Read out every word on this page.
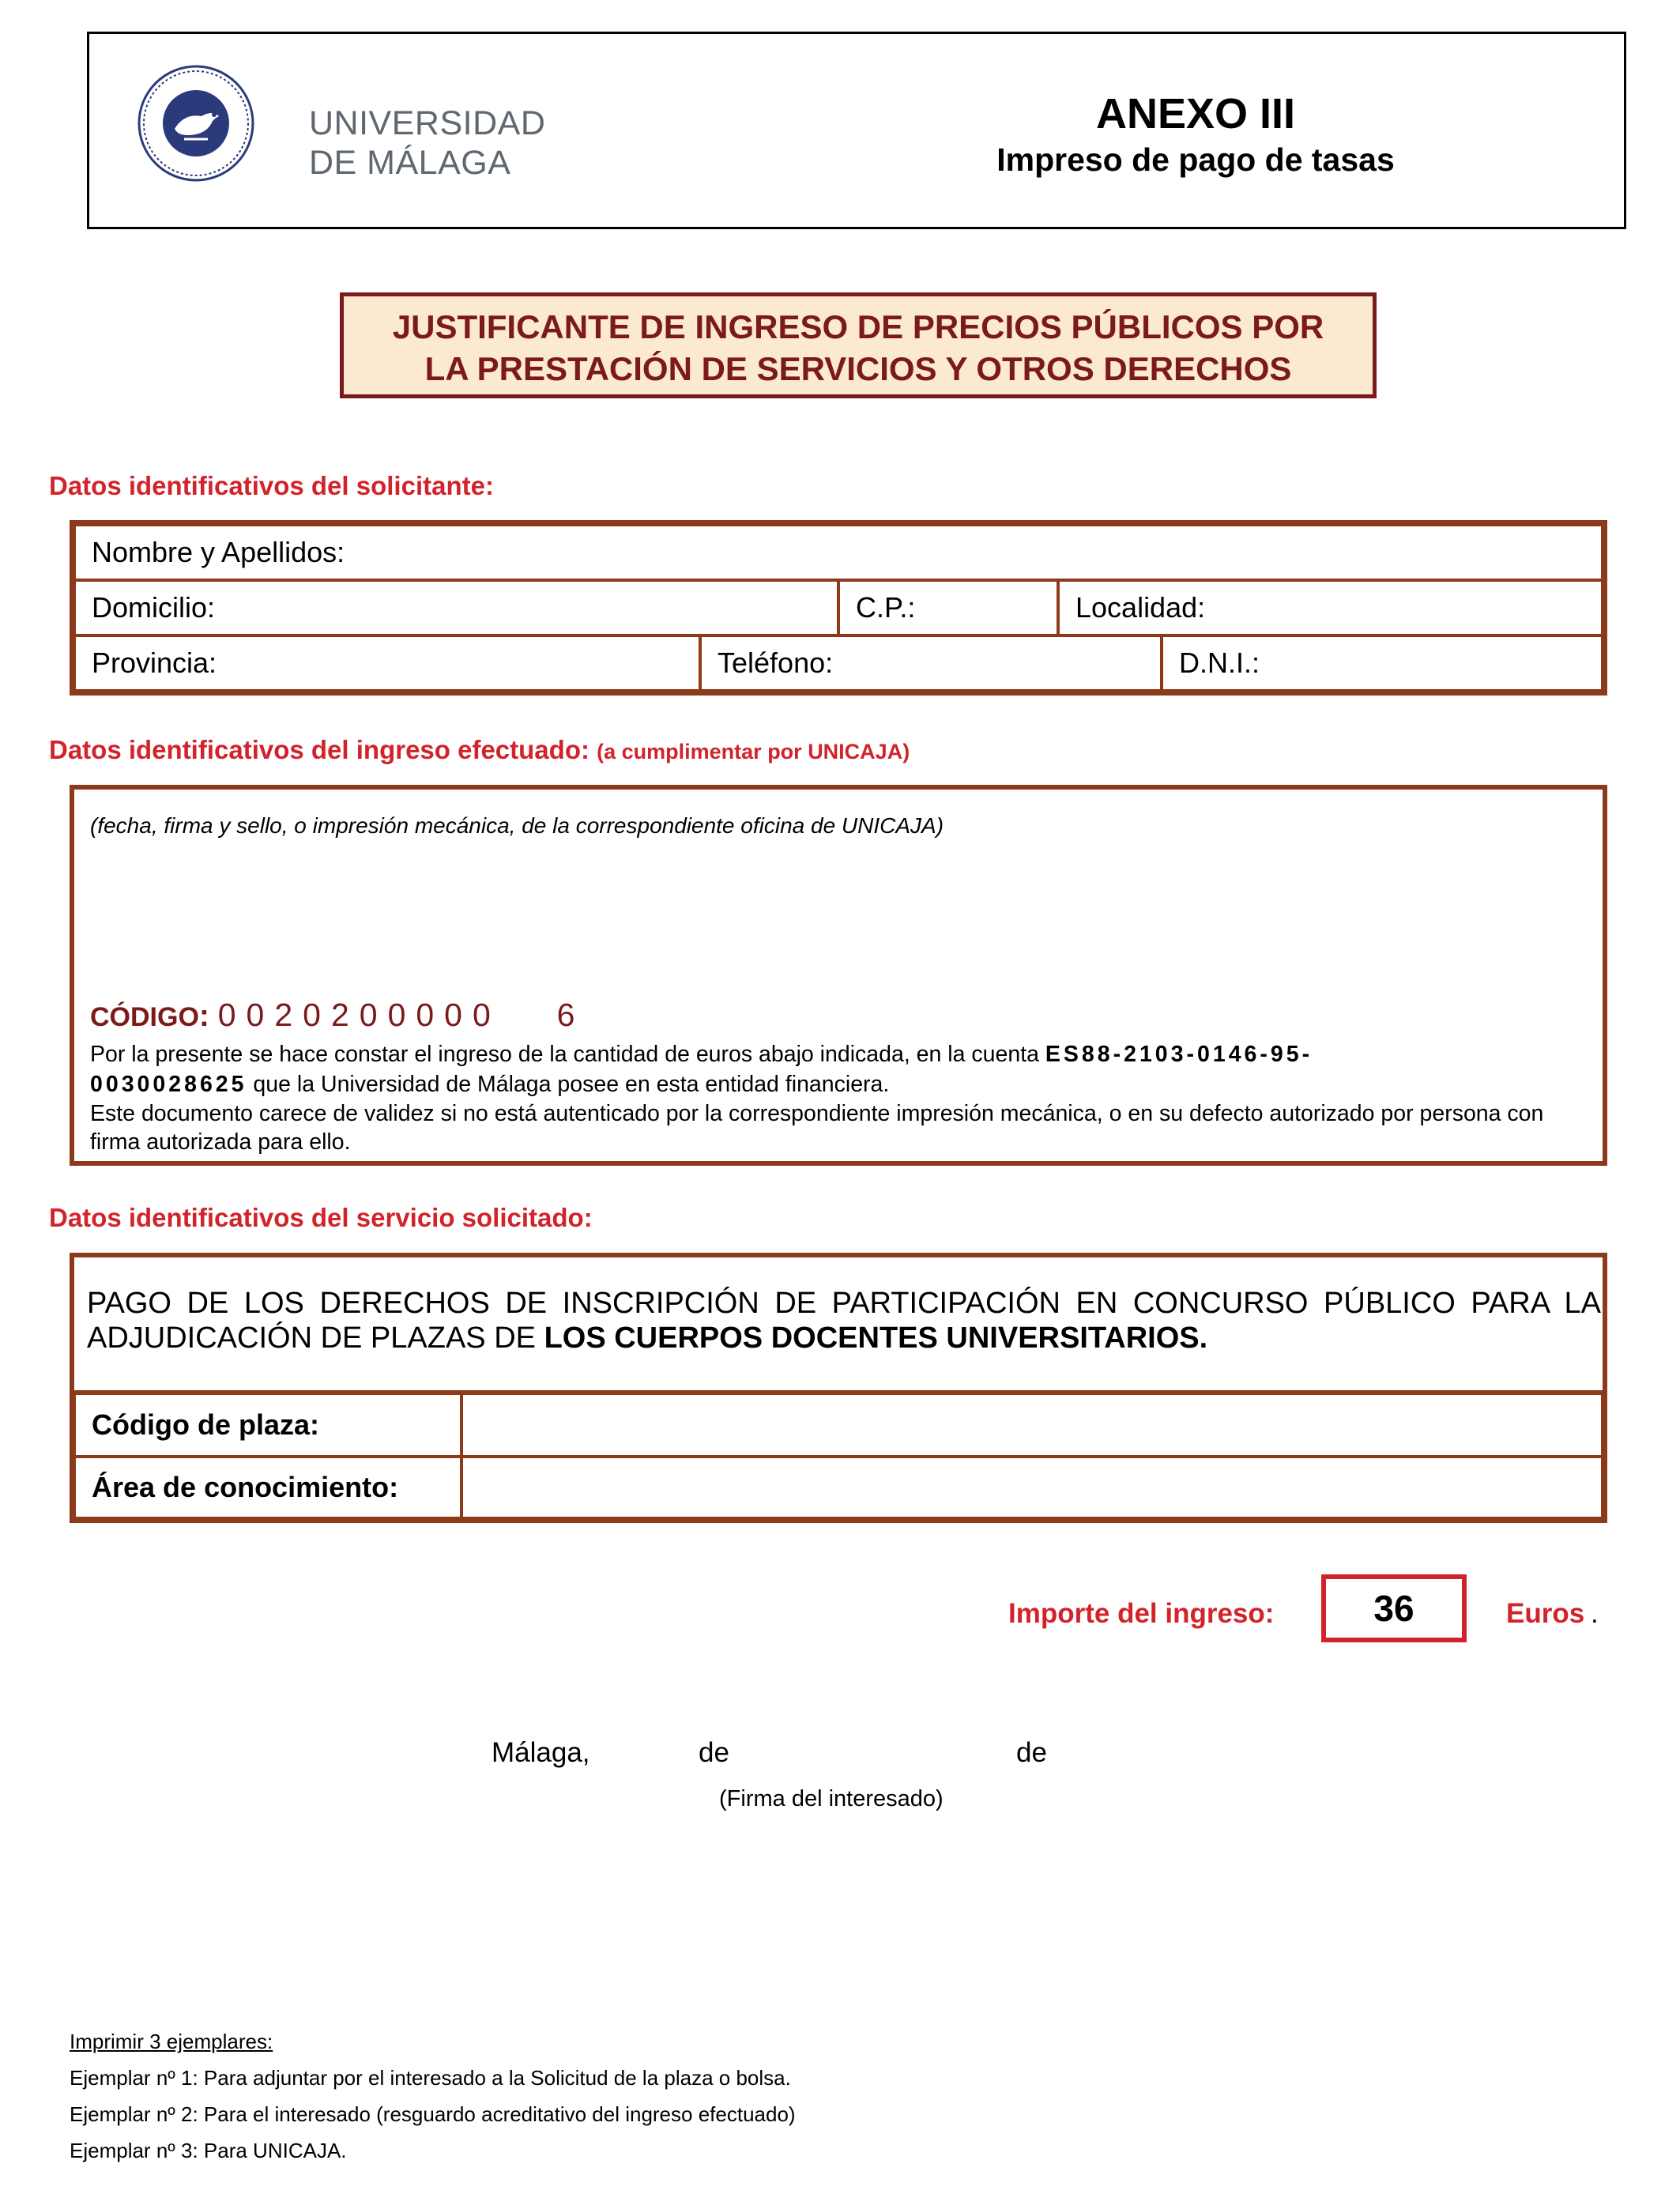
UNIVERSIDAD
DE MÁLAGA
ANEXO III
Impreso de pago de tasas
JUSTIFICANTE DE INGRESO DE PRECIOS PÚBLICOS POR
LA PRESTACIÓN DE SERVICIOS Y OTROS DERECHOS
Datos identificativos del solicitante:
Nombre y Apellidos:
Domicilio:	C.P.:	Localidad:
Provincia:	Teléfono:	D.N.I.:
Datos identificativos del ingreso efectuado: (a cumplimentar por UNICAJA)
(fecha, firma y sello, o impresión mecánica, de la correspondiente oficina de UNICAJA)
CÓDIGO: 0020200000 6
Por la presente se hace constar el ingreso de la cantidad de euros abajo indicada, en la cuenta ES88-2103-0146-95-
0030028625 que la Universidad de Málaga posee en esta entidad financiera.
Este documento carece de validez si no está autenticado por la correspondiente impresión mecánica, o en su defecto autorizado por persona con firma autorizada para ello.
Datos identificativos del servicio solicitado:
PAGO DE LOS DERECHOS DE INSCRIPCIÓN DE PARTICIPACIÓN EN CONCURSO PÚBLICO PARA LA ADJUDICACIÓN DE PLAZAS DE LOS CUERPOS DOCENTES UNIVERSITARIOS.
Código de plaza:
Área de conocimiento:
Importe del ingreso:	36	Euros .
Málaga,	de	de
(Firma del interesado)
Imprimir 3 ejemplares:
Ejemplar nº 1: Para adjuntar por el interesado a la Solicitud de la plaza o bolsa.
Ejemplar nº 2: Para el interesado (resguardo acreditativo del ingreso efectuado)
Ejemplar nº 3: Para UNICAJA.
